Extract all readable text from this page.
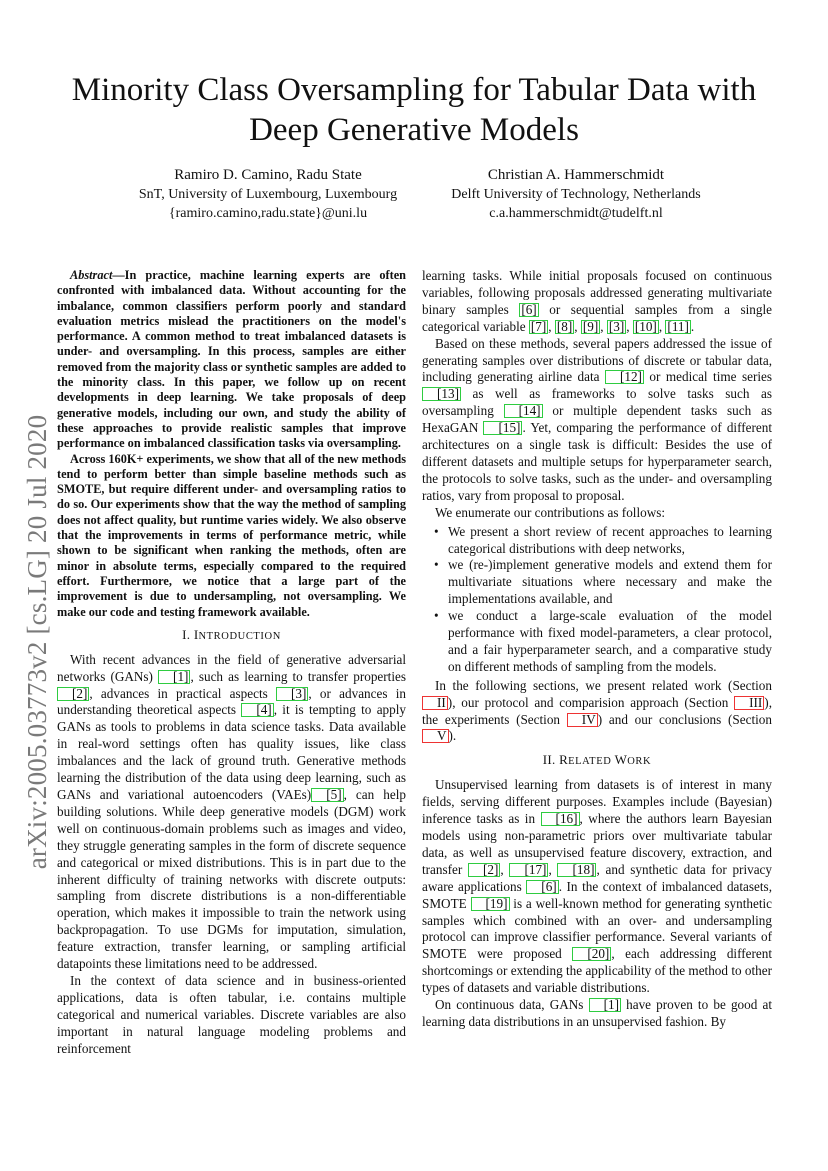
arXiv:2005.03773v2 [cs.LG] 20 Jul 2020
Minority Class Oversampling for Tabular Data with Deep Generative Models
Ramiro D. Camino, Radu State
SnT, University of Luxembourg, Luxembourg
{ramiro.camino,radu.state}@uni.lu
Christian A. Hammerschmidt
Delft University of Technology, Netherlands
c.a.hammerschmidt@tudelft.nl

Abstract—In practice, machine learning experts are often confronted with imbalanced data. Without accounting for the imbalance, common classifiers perform poorly and standard evaluation metrics mislead the practitioners on the model's performance. A common method to treat imbalanced datasets is under- and oversampling. In this process, samples are either removed from the majority class or synthetic samples are added to the minority class. In this paper, we follow up on recent developments in deep learning. We take proposals of deep generative models, including our own, and study the ability of these approaches to provide realistic samples that improve performance on imbalanced classification tasks via oversampling.

Across 160K+ experiments, we show that all of the new methods tend to perform better than simple baseline methods such as SMOTE, but require different under- and oversampling ratios to do so. Our experiments show that the way the method of sampling does not affect quality, but runtime varies widely. We also observe that the improvements in terms of performance metric, while shown to be significant when ranking the methods, often are minor in absolute terms, especially compared to the required effort. Furthermore, we notice that a large part of the improvement is due to undersampling, not oversampling. We make our code and testing framework available.

I. INTRODUCTION

With recent advances in the field of generative adversarial networks (GANs) [1] , such as learning to transfer properties [2] , advances in practical aspects [3] , or advances in understanding theoretical aspects [4] , it is tempting to apply GANs as tools to problems in data science tasks. Data available in real-word settings often has quality issues, like class imbalances and the lack of ground truth. Generative methods learning the distribution of the data using deep learning, such as GANs and variational autoencoders (VAEs) [5] , can help building solutions. While deep generative models (DGM) work well on continuous-domain problems such as images and video, they struggle generating samples in the form of discrete sequence and categorical or mixed distributions. This is in part due to the inherent difficulty of training networks with discrete outputs: sampling from discrete distributions is a non-differentiable operation, which makes it impossible to train the network using backpropagation. To use DGMs for imputation, simulation, feature extraction, transfer learning, or sampling artificial datapoints these limitations need to be addressed.

In the context of data science and in business-oriented applications, data is often tabular, i.e. contains multiple categorical and numerical variables. Discrete variables are also important in natural language modeling problems and reinforcement

learning tasks. While initial proposals focused on continuous variables, following proposals addressed generating multivariate binary samples [6] or sequential samples from a single categorical variable [7] , [8] , [9] , [3] , [10] , [11] .

Based on these methods, several papers addressed the issue of generating samples over distributions of discrete or tabular data, including generating airline data [12] or medical time series [13] as well as frameworks to solve tasks such as oversampling [14] or multiple dependent tasks such as HexaGAN [15] . Yet, comparing the performance of different architectures on a single task is difficult: Besides the use of different datasets and multiple setups for hyperparameter search, the protocols to solve tasks, such as the under- and oversampling ratios, vary from proposal to proposal.

We enumerate our contributions as follows:

• We present a short review of recent approaches to learning categorical distributions with deep networks,
• we (re-)implement generative models and extend them for multivariate situations where necessary and make the implementations available, and
• we conduct a large-scale evaluation of the model performance with fixed model-parameters, a clear protocol, and a fair hyperparameter search, and a comparative study on different methods of sampling from the models.

In the following sections, we present related work (Section II ), our protocol and comparision approach (Section III ), the experiments (Section IV ) and our conclusions (Section V ).

II. RELATED WORK

Unsupervised learning from datasets is of interest in many fields, serving different purposes. Examples include (Bayesian) inference tasks as in [16] , where the authors learn Bayesian models using non-parametric priors over multivariate tabular data, as well as unsupervised feature discovery, extraction, and transfer [2] , [17] , [18] , and synthetic data for privacy aware applications [6] . In the context of imbalanced datasets, SMOTE [19] is a well-known method for generating synthetic samples which combined with an over- and undersampling protocol can improve classifier performance. Several variants of SMOTE were proposed [20] , each addressing different shortcomings or extending the applicability of the method to other types of datasets and variable distributions.

On continuous data, GANs [1] have proven to be good at learning data distributions in an unsupervised fashion. By
